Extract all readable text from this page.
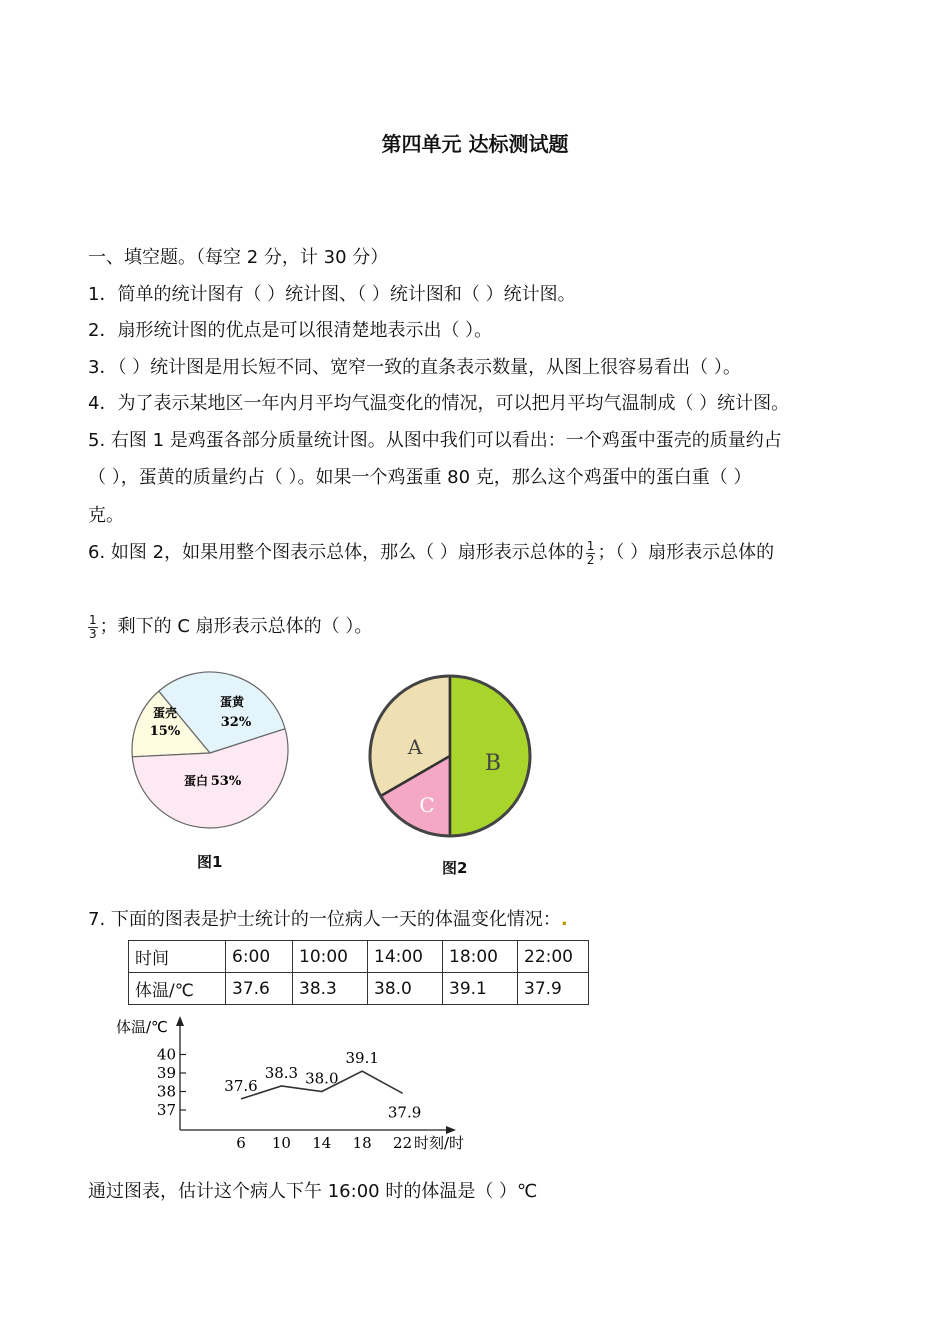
第四单元 达标测试题
一、填空题。（每空 2 分，计 30 分）
1．简单的统计图有（ ）统计图、（ ）统计图和（ ）统计图。
2．扇形统计图的优点是可以很清楚地表示出（ ）。
3．（ ）统计图是用长短不同、宽窄一致的直条表示数量，从图上很容易看出（ ）。
4．为了表示某地区一年内月平均气温变化的情况，可以把月平均气温制成（ ）统计图。
5. 右图 1 是鸡蛋各部分质量统计图。从图中我们可以看出：一个鸡蛋中蛋壳的质量约占
（ ），蛋黄的质量约占（ ）。如果一个鸡蛋重 80 克，那么这个鸡蛋中的蛋白重（ ）
克。
6. 如图 2，如果用整个图表示总体，那么（ ）扇形表示总体的 $\frac{1}{2}$ ；（ ）扇形表示总体的
$\frac{1}{3}$ ；剩下的 C 扇形表示总体的（ ）。
蛋壳
15%
蛋黄
32%
蛋白 53%
图1
A
B
C
图2
7. 下面的图表是护士统计的一位病人一天的体温变化情况：.
时间	6:00	10:00	14:00	18:00	22:00
体温/℃	37.6	38.3	38.0	39.1	37.9
体温/℃
时刻/时
40
39
38
37
6 10 14 18 22
37.6
38.3 38.0
39.1
37.9
通过图表，估计这个病人下午 16:00 时的体温是（ ）℃
